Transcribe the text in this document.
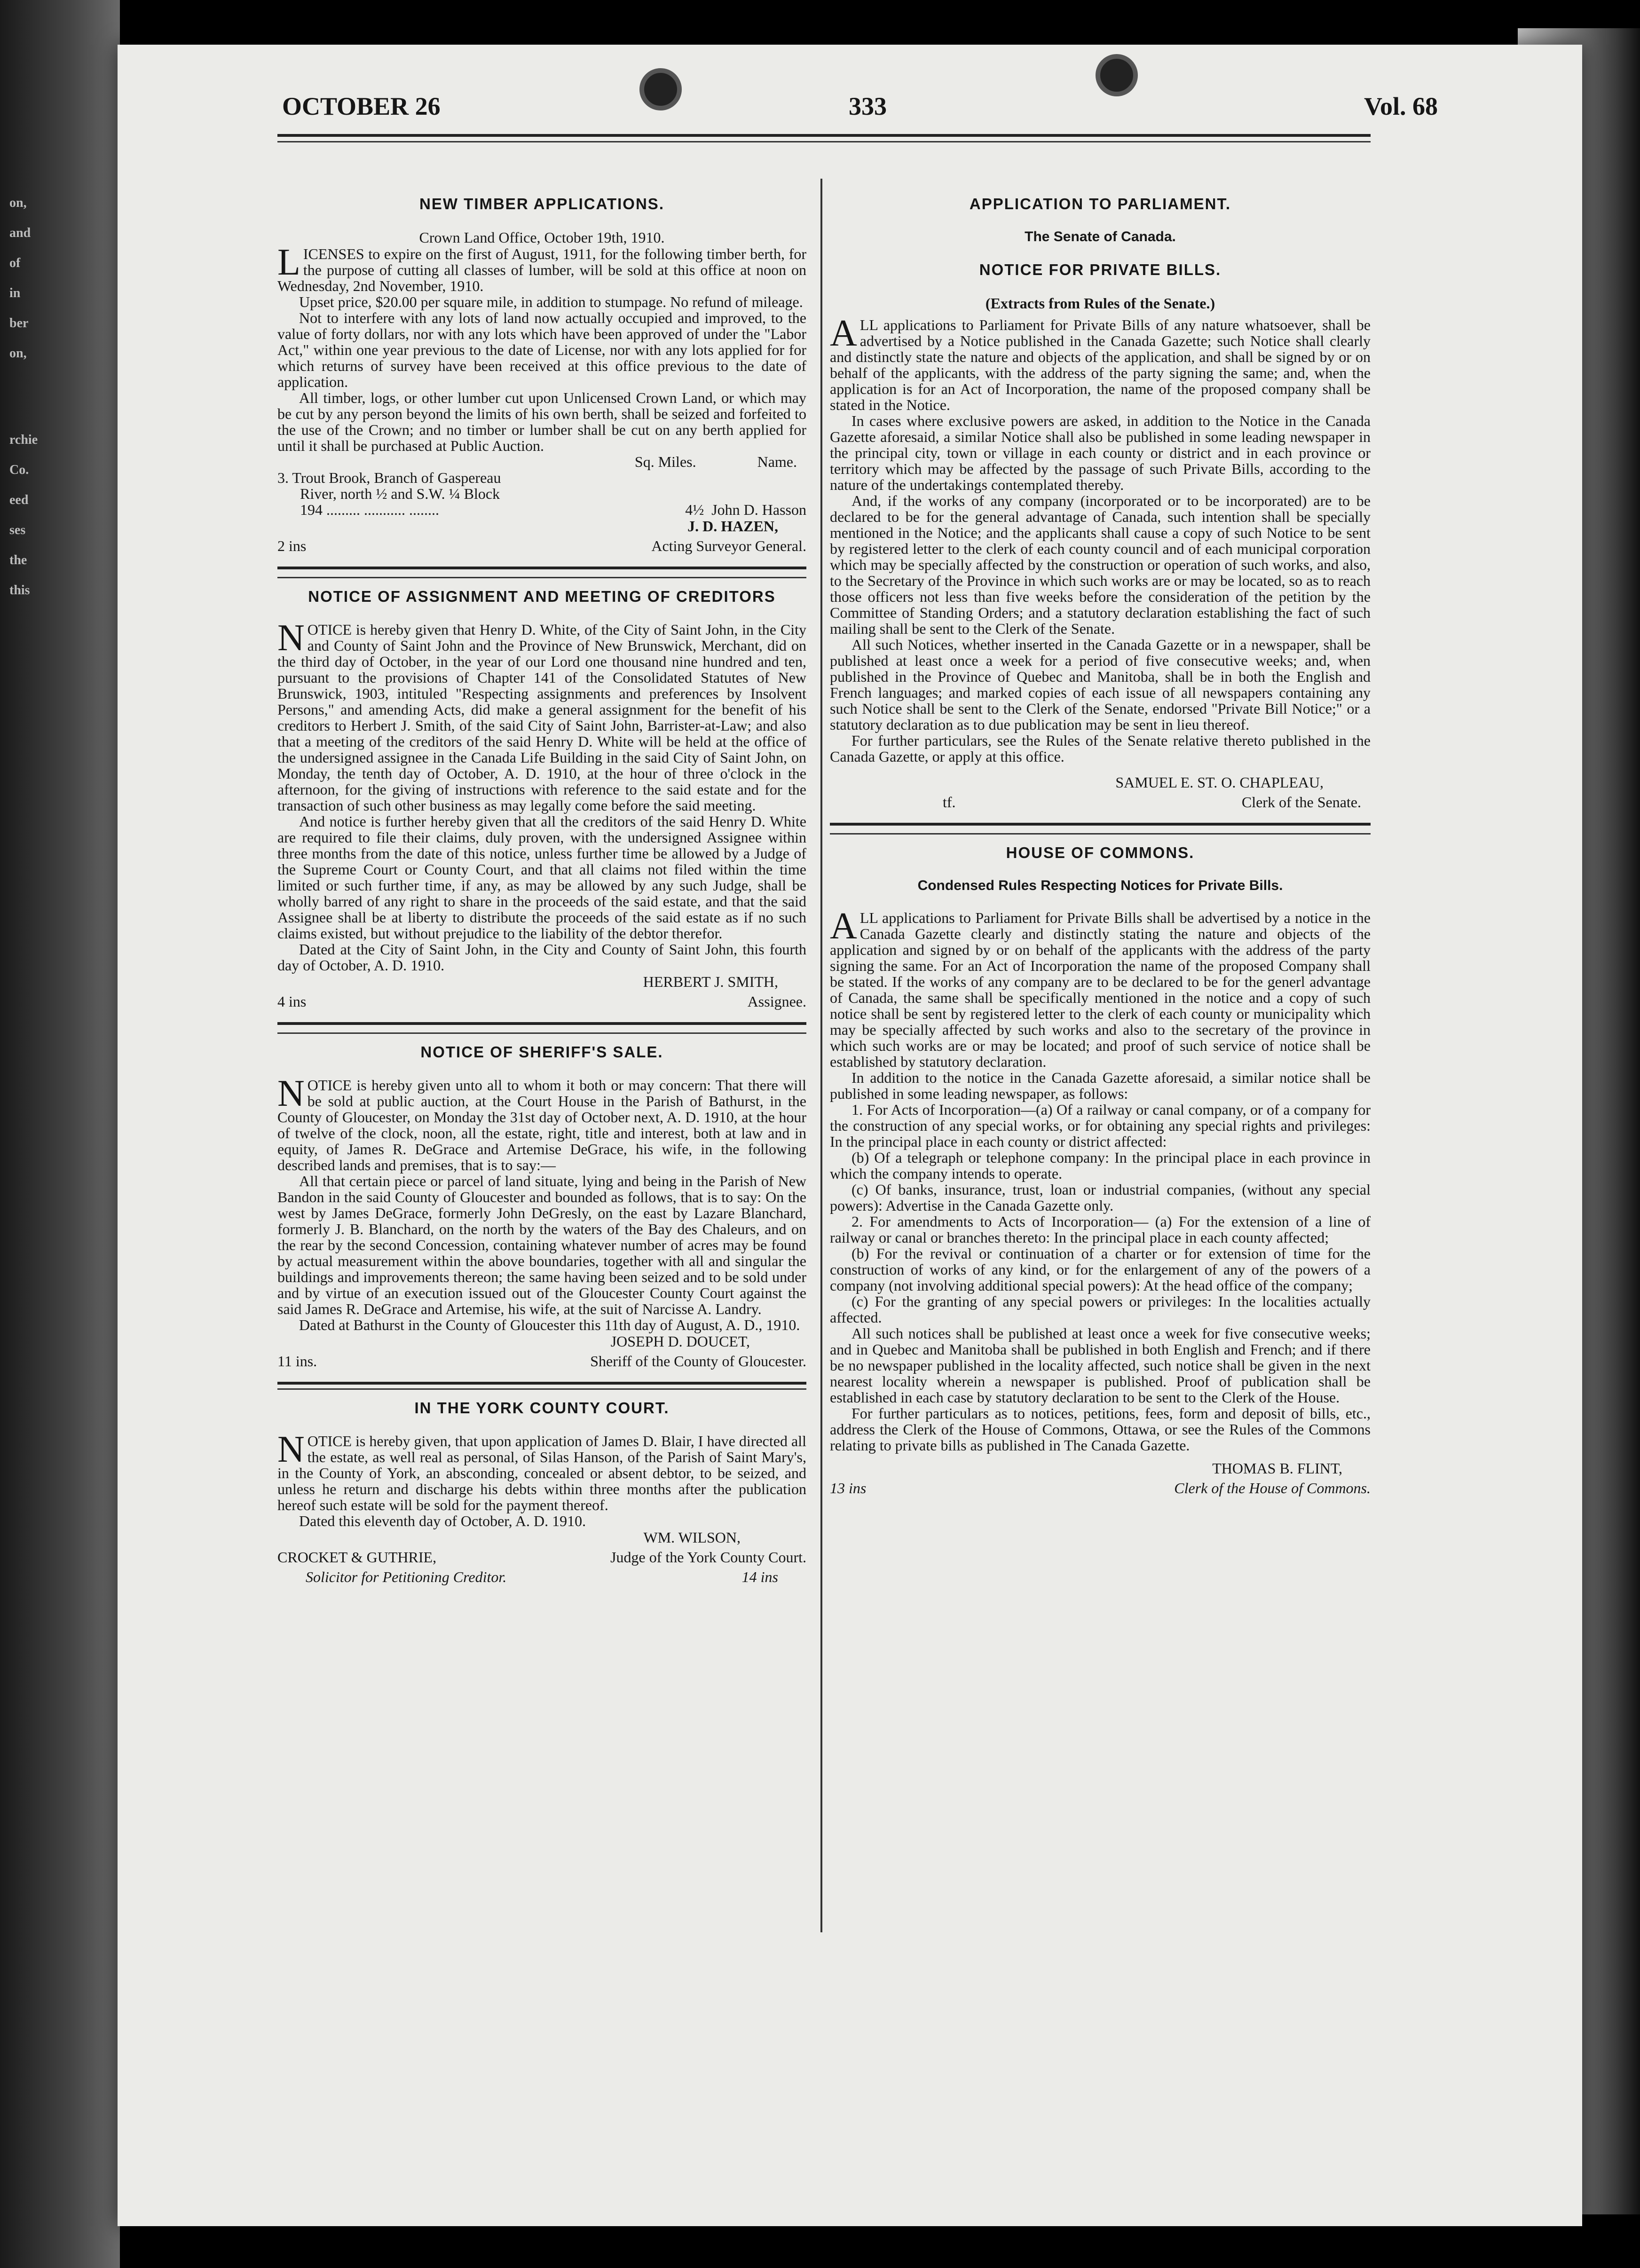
on,
and
of
in
ber
on,
rchie
Co.
eed
ses
the
this
OCTOBER 26	333	Vol. 68
NEW TIMBER APPLICATIONS.
Crown Land Office, October 19th, 1910.

LICENSES to expire on the first of August, 1911, for the following timber berth, for the purpose of cutting all classes of lumber, will be sold at this office at noon on Wednesday, 2nd November, 1910.

Upset price, $20.00 per square mile, in addition to stumpage. No refund of mileage.

Not to interfere with any lots of land now actually occupied and improved, to the value of forty dollars, nor with any lots which have been approved of under the "Labor Act," within one year previous to the date of License, nor with any lots applied for for which returns of survey have been received at this office previous to the date of application.

All timber, logs, or other lumber cut upon Unlicensed Crown Land, or which may be cut by any person beyond the limits of his own berth, shall be seized and forfeited to the use of the Crown; and no timber or lumber shall be cut on any berth applied for until it shall be purchased at Public Auction.

Sq. Miles.	Name.
3. Trout Brook, Branch of Gaspereau
River, north ½ and S.W. ¼ Block
194 ......... ........... ........	4½ John D. Hasson
J. D. HAZEN,
2 ins	Acting Surveyor General.
NOTICE OF ASSIGNMENT AND MEETING OF CREDITORS

NOTICE is hereby given that Henry D. White, of the City of Saint John, in the City and County of Saint John and the Province of New Brunswick, Merchant, did on the third day of October, in the year of our Lord one thousand nine hundred and ten, pursuant to the provisions of Chapter 141 of the Consolidated Statutes of New Brunswick, 1903, intituled "Respecting assignments and preferences by Insolvent Persons," and amending Acts, did make a general assignment for the benefit of his creditors to Herbert J. Smith, of the said City of Saint John, Barrister-at-Law; and also that a meeting of the creditors of the said Henry D. White will be held at the office of the undersigned assignee in the Canada Life Building in the said City of Saint John, on Monday, the tenth day of October, A. D. 1910, at the hour of three o'clock in the afternoon, for the giving of instructions with reference to the said estate and for the transaction of such other business as may legally come before the said meeting.

And notice is further hereby given that all the creditors of the said Henry D. White are required to file their claims, duly proven, with the undersigned Assignee within three months from the date of this notice, unless further time be allowed by a Judge of the Supreme Court or County Court, and that all claims not filed within the time limited or such further time, if any, as may be allowed by any such Judge, shall be wholly barred of any right to share in the proceeds of the said estate, and that the said Assignee shall be at liberty to distribute the proceeds of the said estate as if no such claims existed, but without prejudice to the liability of the debtor therefor.

Dated at the City of Saint John, in the City and County of Saint John, this fourth day of October, A. D. 1910.

HERBERT J. SMITH,
4 ins	Assignee.
NOTICE OF SHERIFF'S SALE.

NOTICE is hereby given unto all to whom it both or may concern: That there will be sold at public auction, at the Court House in the Parish of Bathurst, in the County of Gloucester, on Monday the 31st day of October next, A. D. 1910, at the hour of twelve of the clock, noon, all the estate, right, title and interest, both at law and in equity, of James R. DeGrace and Artemise DeGrace, his wife, in the following described lands and premises, that is to say:—

All that certain piece or parcel of land situate, lying and being in the Parish of New Bandon in the said County of Gloucester and bounded as follows, that is to say: On the west by James DeGrace, formerly John DeGresly, on the east by Lazare Blanchard, formerly J. B. Blanchard, on the north by the waters of the Bay des Chaleurs, and on the rear by the second Concession, containing whatever number of acres may be found by actual measurement within the above boundaries, together with all and singular the buildings and improvements thereon; the same having been seized and to be sold under and by virtue of an execution issued out of the Gloucester County Court against the said James R. DeGrace and Artemise, his wife, at the suit of Narcisse A. Landry.

Dated at Bathurst in the County of Gloucester this 11th day of August, A. D., 1910.

JOSEPH D. DOUCET,
11 ins.	Sheriff of the County of Gloucester.
IN THE YORK COUNTY COURT.

NOTICE is hereby given, that upon application of James D. Blair, I have directed all the estate, as well real as personal, of Silas Hanson, of the Parish of Saint Mary's, in the County of York, an absconding, concealed or absent debtor, to be seized, and unless he return and discharge his debts within three months after the publication hereof such estate will be sold for the payment thereof.

Dated this eleventh day of October, A. D. 1910.

WM. WILSON,
CROCKET & GUTHRIE,	Judge of the York County Court.
Solicitor for Petitioning Creditor.	14 ins
APPLICATION TO PARLIAMENT.
The Senate of Canada.
NOTICE FOR PRIVATE BILLS.
(Extracts from Rules of the Senate.)

ALL applications to Parliament for Private Bills of any nature whatsoever, shall be advertised by a Notice published in the Canada Gazette; such Notice shall clearly and distinctly state the nature and objects of the application, and shall be signed by or on behalf of the applicants, with the address of the party signing the same; and, when the application is for an Act of Incorporation, the name of the proposed company shall be stated in the Notice.

In cases where exclusive powers are asked, in addition to the Notice in the Canada Gazette aforesaid, a similar Notice shall also be published in some leading newspaper in the principal city, town or village in each county or district and in each province or territory which may be affected by the passage of such Private Bills, according to the nature of the undertakings contemplated thereby.

And, if the works of any company (incorporated or to be incorporated) are to be declared to be for the general advantage of Canada, such intention shall be specially mentioned in the Notice; and the applicants shall cause a copy of such Notice to be sent by registered letter to the clerk of each county council and of each municipal corporation which may be specially affected by the construction or operation of such works, and also, to the Secretary of the Province in which such works are or may be located, so as to reach those officers not less than five weeks before the consideration of the petition by the Committee of Standing Orders; and a statutory declaration establishing the fact of such mailing shall be sent to the Clerk of the Senate.

All such Notices, whether inserted in the Canada Gazette or in a newspaper, shall be published at least once a week for a period of five consecutive weeks; and, when published in the Province of Quebec and Manitoba, shall be in both the English and French languages; and marked copies of each issue of all newspapers containing any such Notice shall be sent to the Clerk of the Senate, endorsed "Private Bill Notice;" or a statutory declaration as to due publication may be sent in lieu thereof.

For further particulars, see the Rules of the Senate relative thereto published in the Canada Gazette, or apply at this office.

SAMUEL E. ST. O. CHAPLEAU,
tf.	Clerk of the Senate.
HOUSE OF COMMONS.
Condensed Rules Respecting Notices for Private Bills.

ALL applications to Parliament for Private Bills shall be advertised by a notice in the Canada Gazette clearly and distinctly stating the nature and objects of the application and signed by or on behalf of the applicants with the address of the party signing the same. For an Act of Incorporation the name of the proposed Company shall be stated. If the works of any company are to be declared to be for the generl advantage of Canada, the same shall be specifically mentioned in the notice and a copy of such notice shall be sent by registered letter to the clerk of each county or municipality which may be specially affected by such works and also to the secretary of the province in which such works are or may be located; and proof of such service of notice shall be established by statutory declaration.

In addition to the notice in the Canada Gazette aforesaid, a similar notice shall be published in some leading newspaper, as follows:

1. For Acts of Incorporation—(a) Of a railway or canal company, or of a company for the construction of any special works, or for obtaining any special rights and privileges: In the principal place in each county or district affected:

(b) Of a telegraph or telephone company: In the principal place in each province in which the company intends to operate.

(c) Of banks, insurance, trust, loan or industrial companies, (without any special powers): Advertise in the Canada Gazette only.

2. For amendments to Acts of Incorporation— (a) For the extension of a line of railway or canal or branches thereto: In the principal place in each county affected;

(b) For the revival or continuation of a charter or for extension of time for the construction of works of any kind, or for the enlargement of any of the powers of a company (not involving additional special powers): At the head office of the company;

(c) For the granting of any special powers or privileges: In the localities actually affected.

All such notices shall be published at least once a week for five consecutive weeks; and in Quebec and Manitoba shall be published in both English and French; and if there be no newspaper published in the locality affected, such notice shall be given in the next nearest locality wherein a newspaper is published. Proof of publication shall be established in each case by statutory declaration to be sent to the Clerk of the House.

For further particulars as to notices, petitions, fees, form and deposit of bills, etc., address the Clerk of the House of Commons, Ottawa, or see the Rules of the Commons relating to private bills as published in The Canada Gazette.

THOMAS B. FLINT,
13 ins	Clerk of the House of Commons.
